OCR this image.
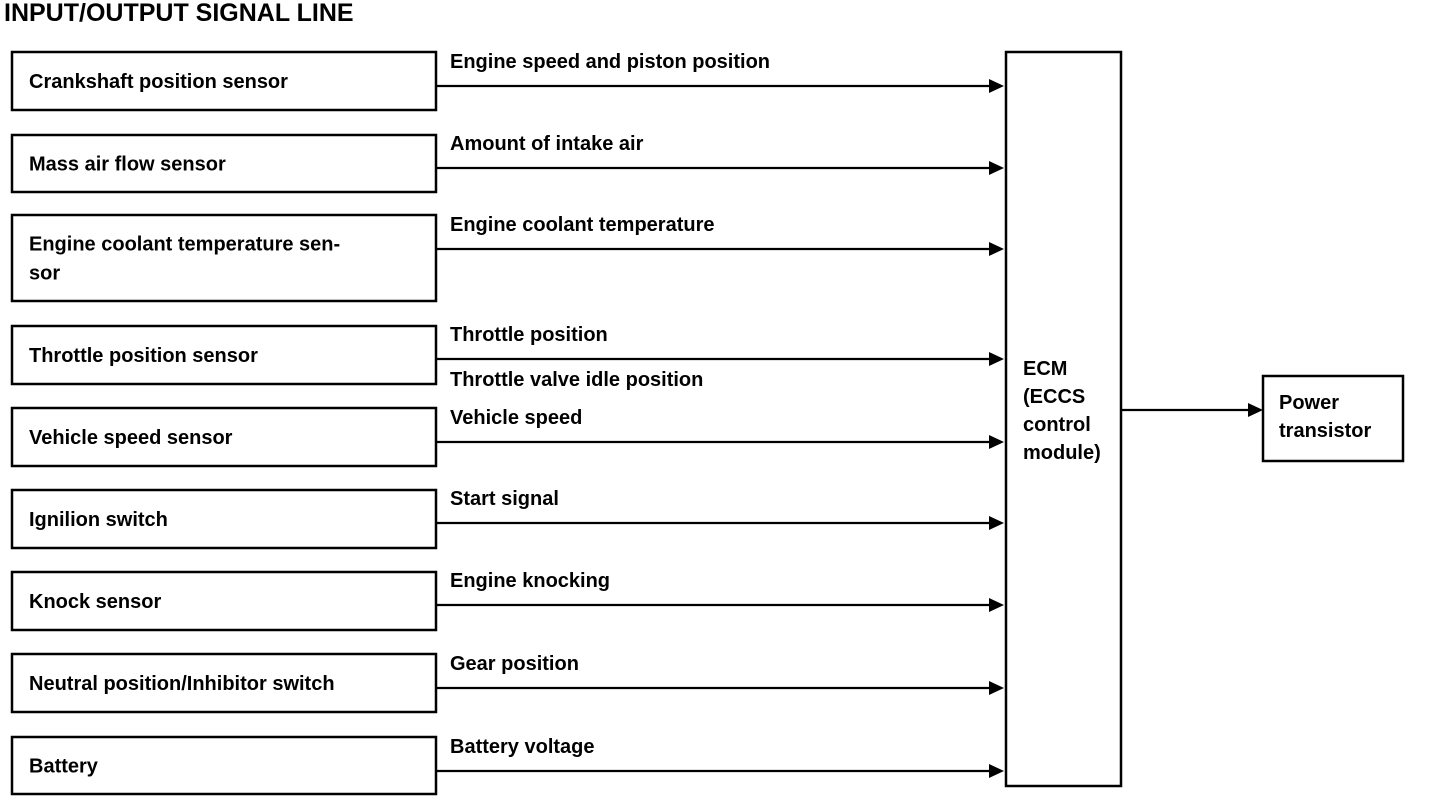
INPUT/OUTPUT SIGNAL LINE
Crankshaft position sensor
Engine speed and piston position
Mass air flow sensor
Amount of intake air
Engine coolant temperature sen-
sor
Engine coolant temperature
Throttle position sensor
Throttle position
Throttle valve idle position
Vehicle speed sensor
Vehicle speed
Ignilion switch
Start signal
Knock sensor
Engine knocking
Neutral position/Inhibitor switch
Gear position
Battery
Battery voltage
ECM
(ECCS
control
module)
Power
transistor
